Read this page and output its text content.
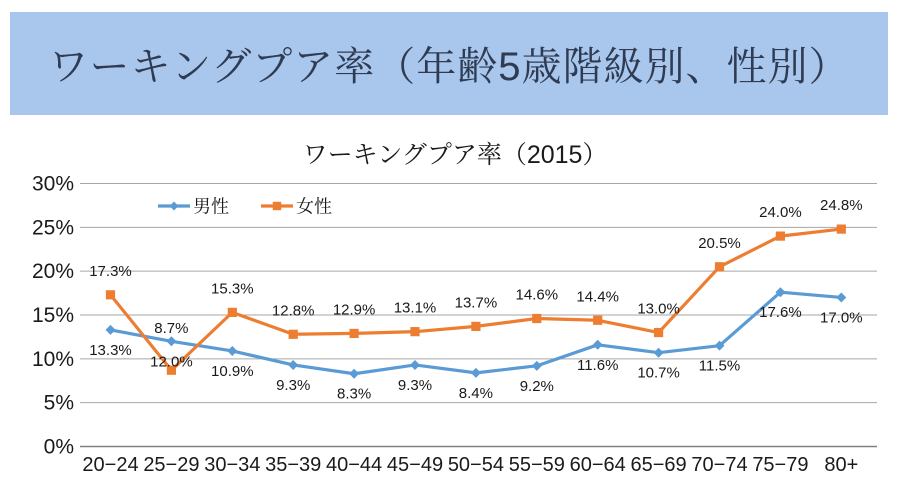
ワーキングプア率（年齢5歳階級別、性別）
ワーキングプア率（2015）
0%
5%
10%
15%
20%
25%
30%
20−24 25−29 30−34 35−39 40−44 45−49 50−54 55−59 60−64 65−69 70−74 75−79 80+
男性	女性
13.3%
12.0%
10.9%
9.3%
8.3%
9.3% 8.4% 9.2%
11.6% 10.7% 11.5%
17.6% 17.0%
17.3%
8.7%
15.3%
12.8% 12.9% 13.1% 13.7% 14.6% 14.4%
13.0%
20.5%
24.0% 24.8%
